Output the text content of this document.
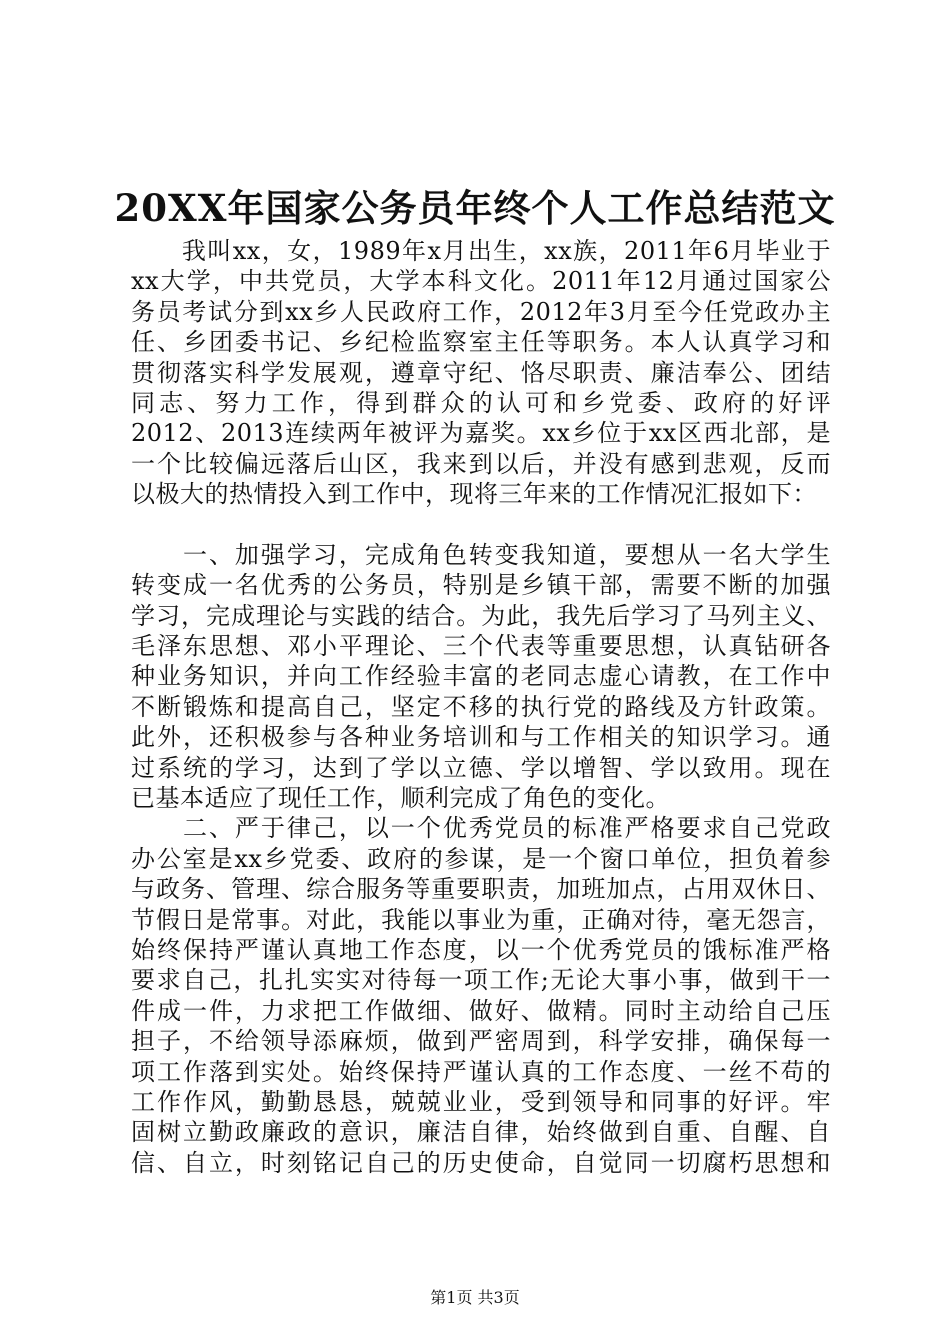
20XX年国家公务员年终个人工作总结范文
　　我叫xx，女，1989年x月出生，xx族，2011年6月毕业于
xx大学，中共党员，大学本科文化。2011年12月通过国家公
务员考试分到xx乡人民政府工作，2012年3月至今任党政办主
任、乡团委书记、乡纪检监察室主任等职务。本人认真学习和
贯彻落实科学发展观，遵章守纪、恪尽职责、廉洁奉公、团结
同志、努力工作，得到群众的认可和乡党委、政府的好评
2012、2013连续两年被评为嘉奖。xx乡位于xx区西北部，是
一个比较偏远落后山区，我来到以后，并没有感到悲观，反而
以极大的热情投入到工作中，现将三年来的工作情况汇报如下：
　　一、加强学习，完成角色转变我知道，要想从一名大学生
转变成一名优秀的公务员，特别是乡镇干部，需要不断的加强
学习，完成理论与实践的结合。为此，我先后学习了马列主义、
毛泽东思想、邓小平理论、三个代表等重要思想，认真钻研各
种业务知识，并向工作经验丰富的老同志虚心请教，在工作中
不断锻炼和提高自己，坚定不移的执行党的路线及方针政策。
此外，还积极参与各种业务培训和与工作相关的知识学习。通
过系统的学习，达到了学以立德、学以增智、学以致用。现在
已基本适应了现任工作，顺利完成了角色的变化。
　　二、严于律己，以一个优秀党员的标准严格要求自己党政
办公室是xx乡党委、政府的参谋，是一个窗口单位，担负着参
与政务、管理、综合服务等重要职责，加班加点，占用双休日、
节假日是常事。对此，我能以事业为重，正确对待，毫无怨言，
始终保持严谨认真地工作态度，以一个优秀党员的饿标准严格
要求自己，扎扎实实对待每一项工作;无论大事小事，做到干一
件成一件，力求把工作做细、做好、做精。同时主动给自己压
担子，不给领导添麻烦，做到严密周到，科学安排，确保每一
项工作落到实处。始终保持严谨认真的工作态度、一丝不苟的
工作作风，勤勤恳恳，兢兢业业，受到领导和同事的好评。牢
固树立勤政廉政的意识，廉洁自律，始终做到自重、自醒、自
信、自立，时刻铭记自己的历史使命，自觉同一切腐朽思想和
第1页 共3页
